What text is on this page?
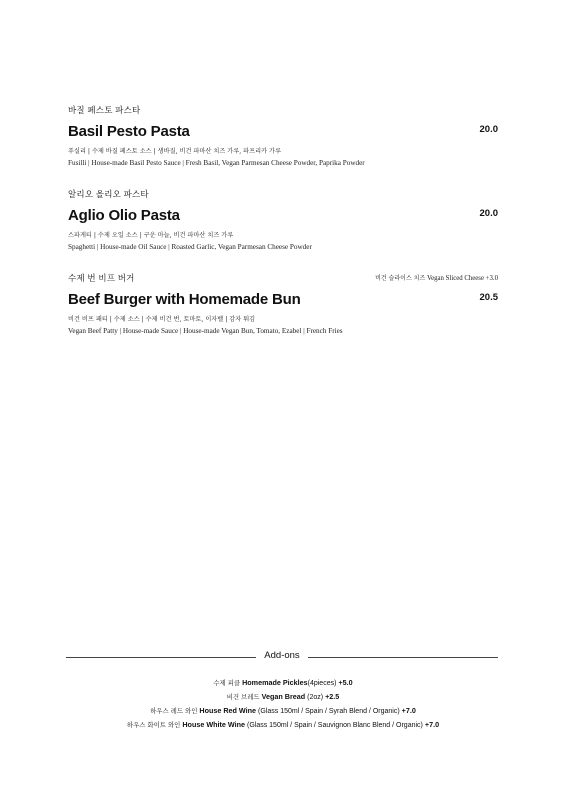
바질 페스토 파스타

Basil Pesto Pasta	20.0

푸실리 | 수제 바질 페스토 소스 | 생바질, 비건 파마산 치즈 가루, 파프리카 가루

Fusilli | House-made Basil Pesto Sauce | Fresh Basil, Vegan Parmesan Cheese Powder, Paprika Powder

알리오 올리오 파스타

Aglio Olio Pasta	20.0

스파게티 | 수제 오일 소스 | 구운 마늘, 비건 파마산 치즈 가루

Spaghetti | House-made Oil Sauce | Roasted Garlic, Vegan Parmesan Cheese Powder

수제 번 비프 버거	비건 슬라이스 치즈 Vegan Sliced Cheese +3.0

Beef Burger with Homemade Bun	20.5

비건 비프 패티 | 수제 소스 | 수제 비건 번, 토마토, 이자벨 | 감자 튀김

Vegan Beef Patty | House-made Sauce | House-made Vegan Bun, Tomato, Ezabel | French Fries

Add-ons
수제 피클 Homemade Pickles(4pieces) +5.0
비건 브레드 Vegan Bread (2oz) +2.5
하우스 레드 와인 House Red Wine (Glass 150ml / Spain / Syrah Blend / Organic) +7.0
하우스 화이트 와인 House White Wine (Glass 150ml / Spain / Sauvignon Blanc Blend / Organic) +7.0
